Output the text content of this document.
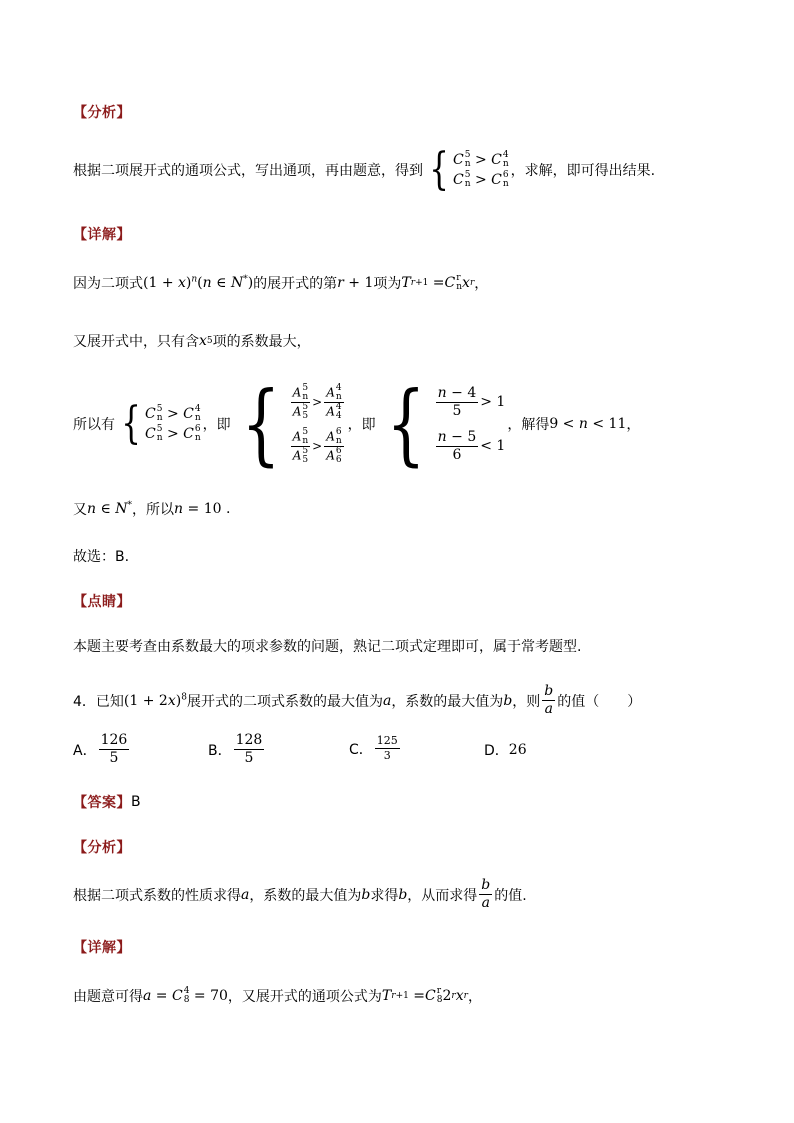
【分析】
根据二项展开式的通项公式，写出通项，再由题意，得到 { C 5
n > C 4
n
C 5
n > C 6
n
，求解，即可得出结果.
【详解】
因为二项式 $(1 + x)^n(n$ ∈ N*) 的展开式的第 r + 1 项为 T r+1 = C r
n x r ，
又展开式中，只有含 x 5 项的系数最大，
所以有 { C 5
n > C 4
n
C 5
n > C 6
n
，即 { A 5
n
A 5
5 > A 4
n
A 4
4
A 5
n
A 5
5 > A 6
n
A 6
6
，即 { $\frac{n - 4}{5} > 1$
$\frac{n - 5}{6} < 1$
，解得 9 < n < 11 ，
又 n ∈ N* ，所以 n = 10 .
故选：B.
【点睛】
本题主要考查由系数最大的项求参数的问题，熟记二项式定理即可，属于常考题型.
4．已知 $(1 + 2x)^8$ 展开式的二项式系数的最大值为 a ，系数的最大值为 b ，则 $\frac{b}{a}$ 的值（　　）
A． $\frac{126}{5}$	B． $\frac{128}{5}$	C． $\frac{125}{3}$	D． 26
【答案】 B
【分析】
根据二项式系数的性质求得 a ，系数的最大值为 b 求得 b ，从而求得 $\frac{b}{a}$ 的值.
【详解】
由题意可得 a = C 4
8 = 70 ，又展开式的通项公式为 T r+1 = C r
8 2 r x r ，
